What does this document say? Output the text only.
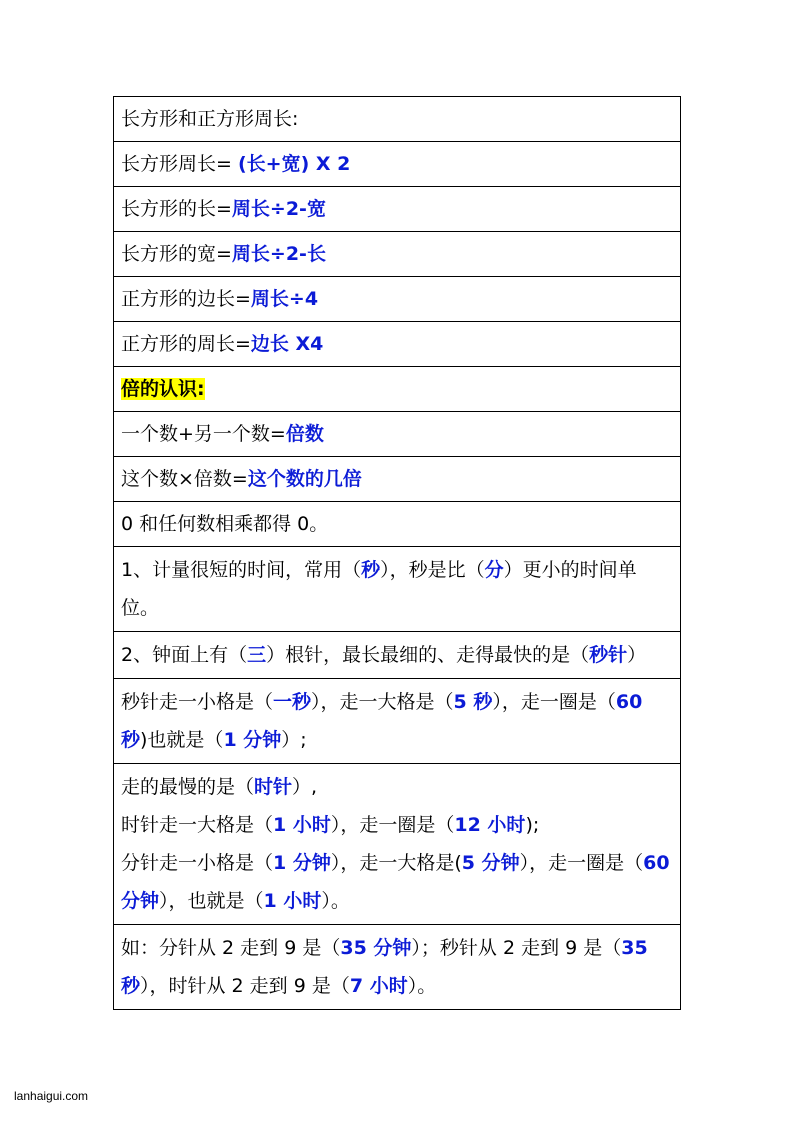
长方形和正方形周长:
长方形周长= (长+宽) X 2
长方形的长=周长÷2-宽
长方形的宽=周长÷2-长
正方形的边长=周长÷4
正方形的周长=边长 X4
倍的认识:
一个数+另一个数=倍数
这个数×倍数=这个数的几倍
0 和任何数相乘都得 0。
1、计量很短的时间，常用（秒），秒是比（分）更小的时间单位。
2、钟面上有（三）根针，最长最细的、走得最快的是（秒针）
秒针走一小格是（一秒），走一大格是（5 秒），走一圈是（60 秒)也就是（1 分钟）;

走的最慢的是（时针）,
时针走一大格是（1 小时），走一圈是（12 小时);
分针走一小格是（1 分钟），走一大格是(5 分钟），走一圈是（60 分钟），也就是（1 小时）。

如：分针从 2 走到 9 是（35 分钟）；秒针从 2 走到 9 是（35 秒），时针从 2 走到 9 是（7 小时）。
lanhaigui.com
